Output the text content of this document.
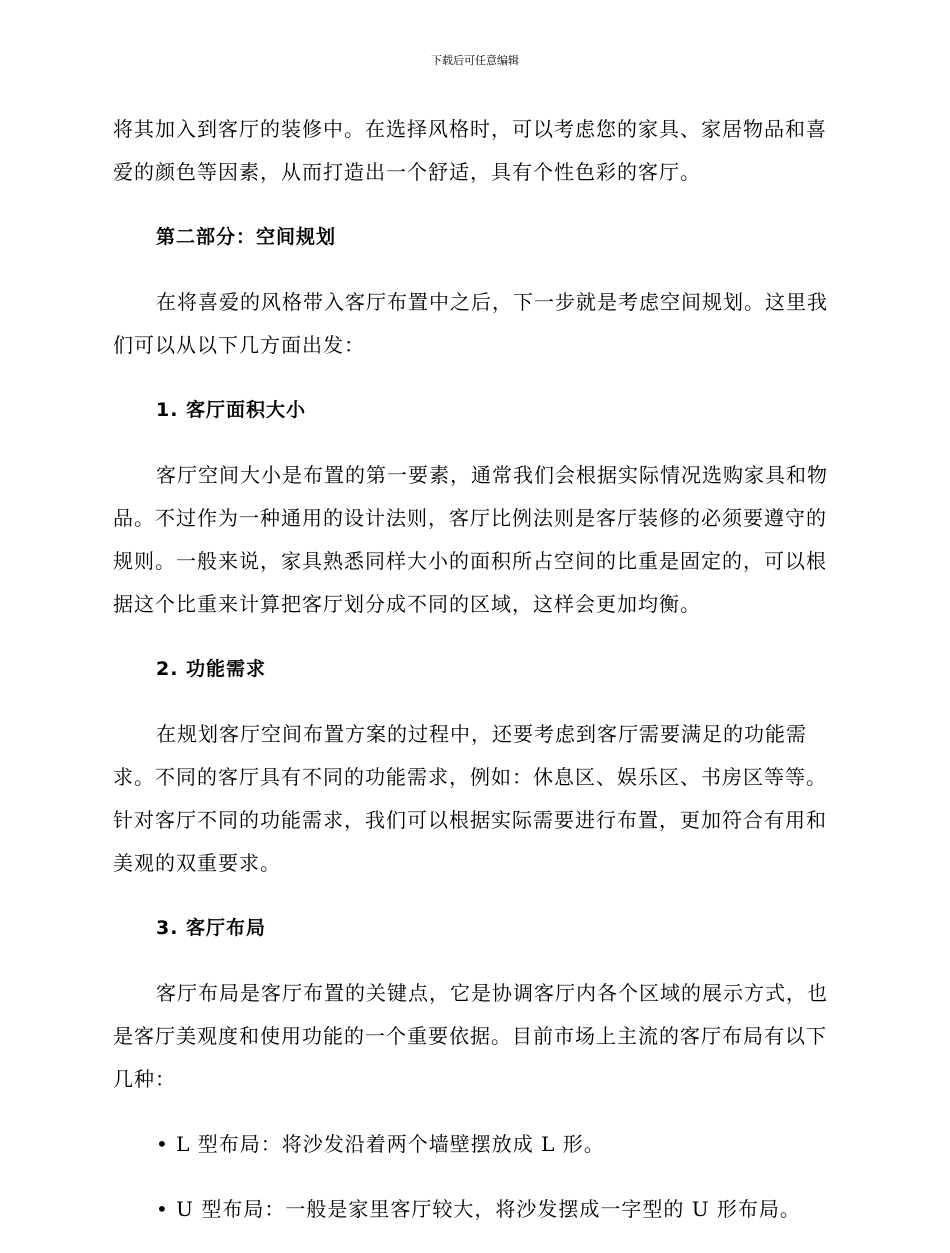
下载后可任意编辑

将其加入到客厅的装修中。在选择风格时，可以考虑您的家具、家居物品和喜爱的颜色等因素，从而打造出一个舒适，具有个性色彩的客厅。

第二部分：空间规划

在将喜爱的风格带入客厅布置中之后，下一步就是考虑空间规划。这里我们可以从以下几方面出发：

1. 客厅面积大小

客厅空间大小是布置的第一要素，通常我们会根据实际情况选购家具和物品。不过作为一种通用的设计法则，客厅比例法则是客厅装修的必须要遵守的规则。一般来说，家具熟悉同样大小的面积所占空间的比重是固定的，可以根据这个比重来计算把客厅划分成不同的区域，这样会更加均衡。

2. 功能需求

在规划客厅空间布置方案的过程中，还要考虑到客厅需要满足的功能需求。不同的客厅具有不同的功能需求，例如：休息区、娱乐区、书房区等等。针对客厅不同的功能需求，我们可以根据实际需要进行布置，更加符合有用和美观的双重要求。

3. 客厅布局

客厅布局是客厅布置的关键点，它是协调客厅内各个区域的展示方式，也是客厅美观度和使用功能的一个重要依据。目前市场上主流的客厅布局有以下几种：

• L 型布局：将沙发沿着两个墙壁摆放成 L 形。

• U 型布局：一般是家里客厅较大，将沙发摆成一字型的 U 形布局。
